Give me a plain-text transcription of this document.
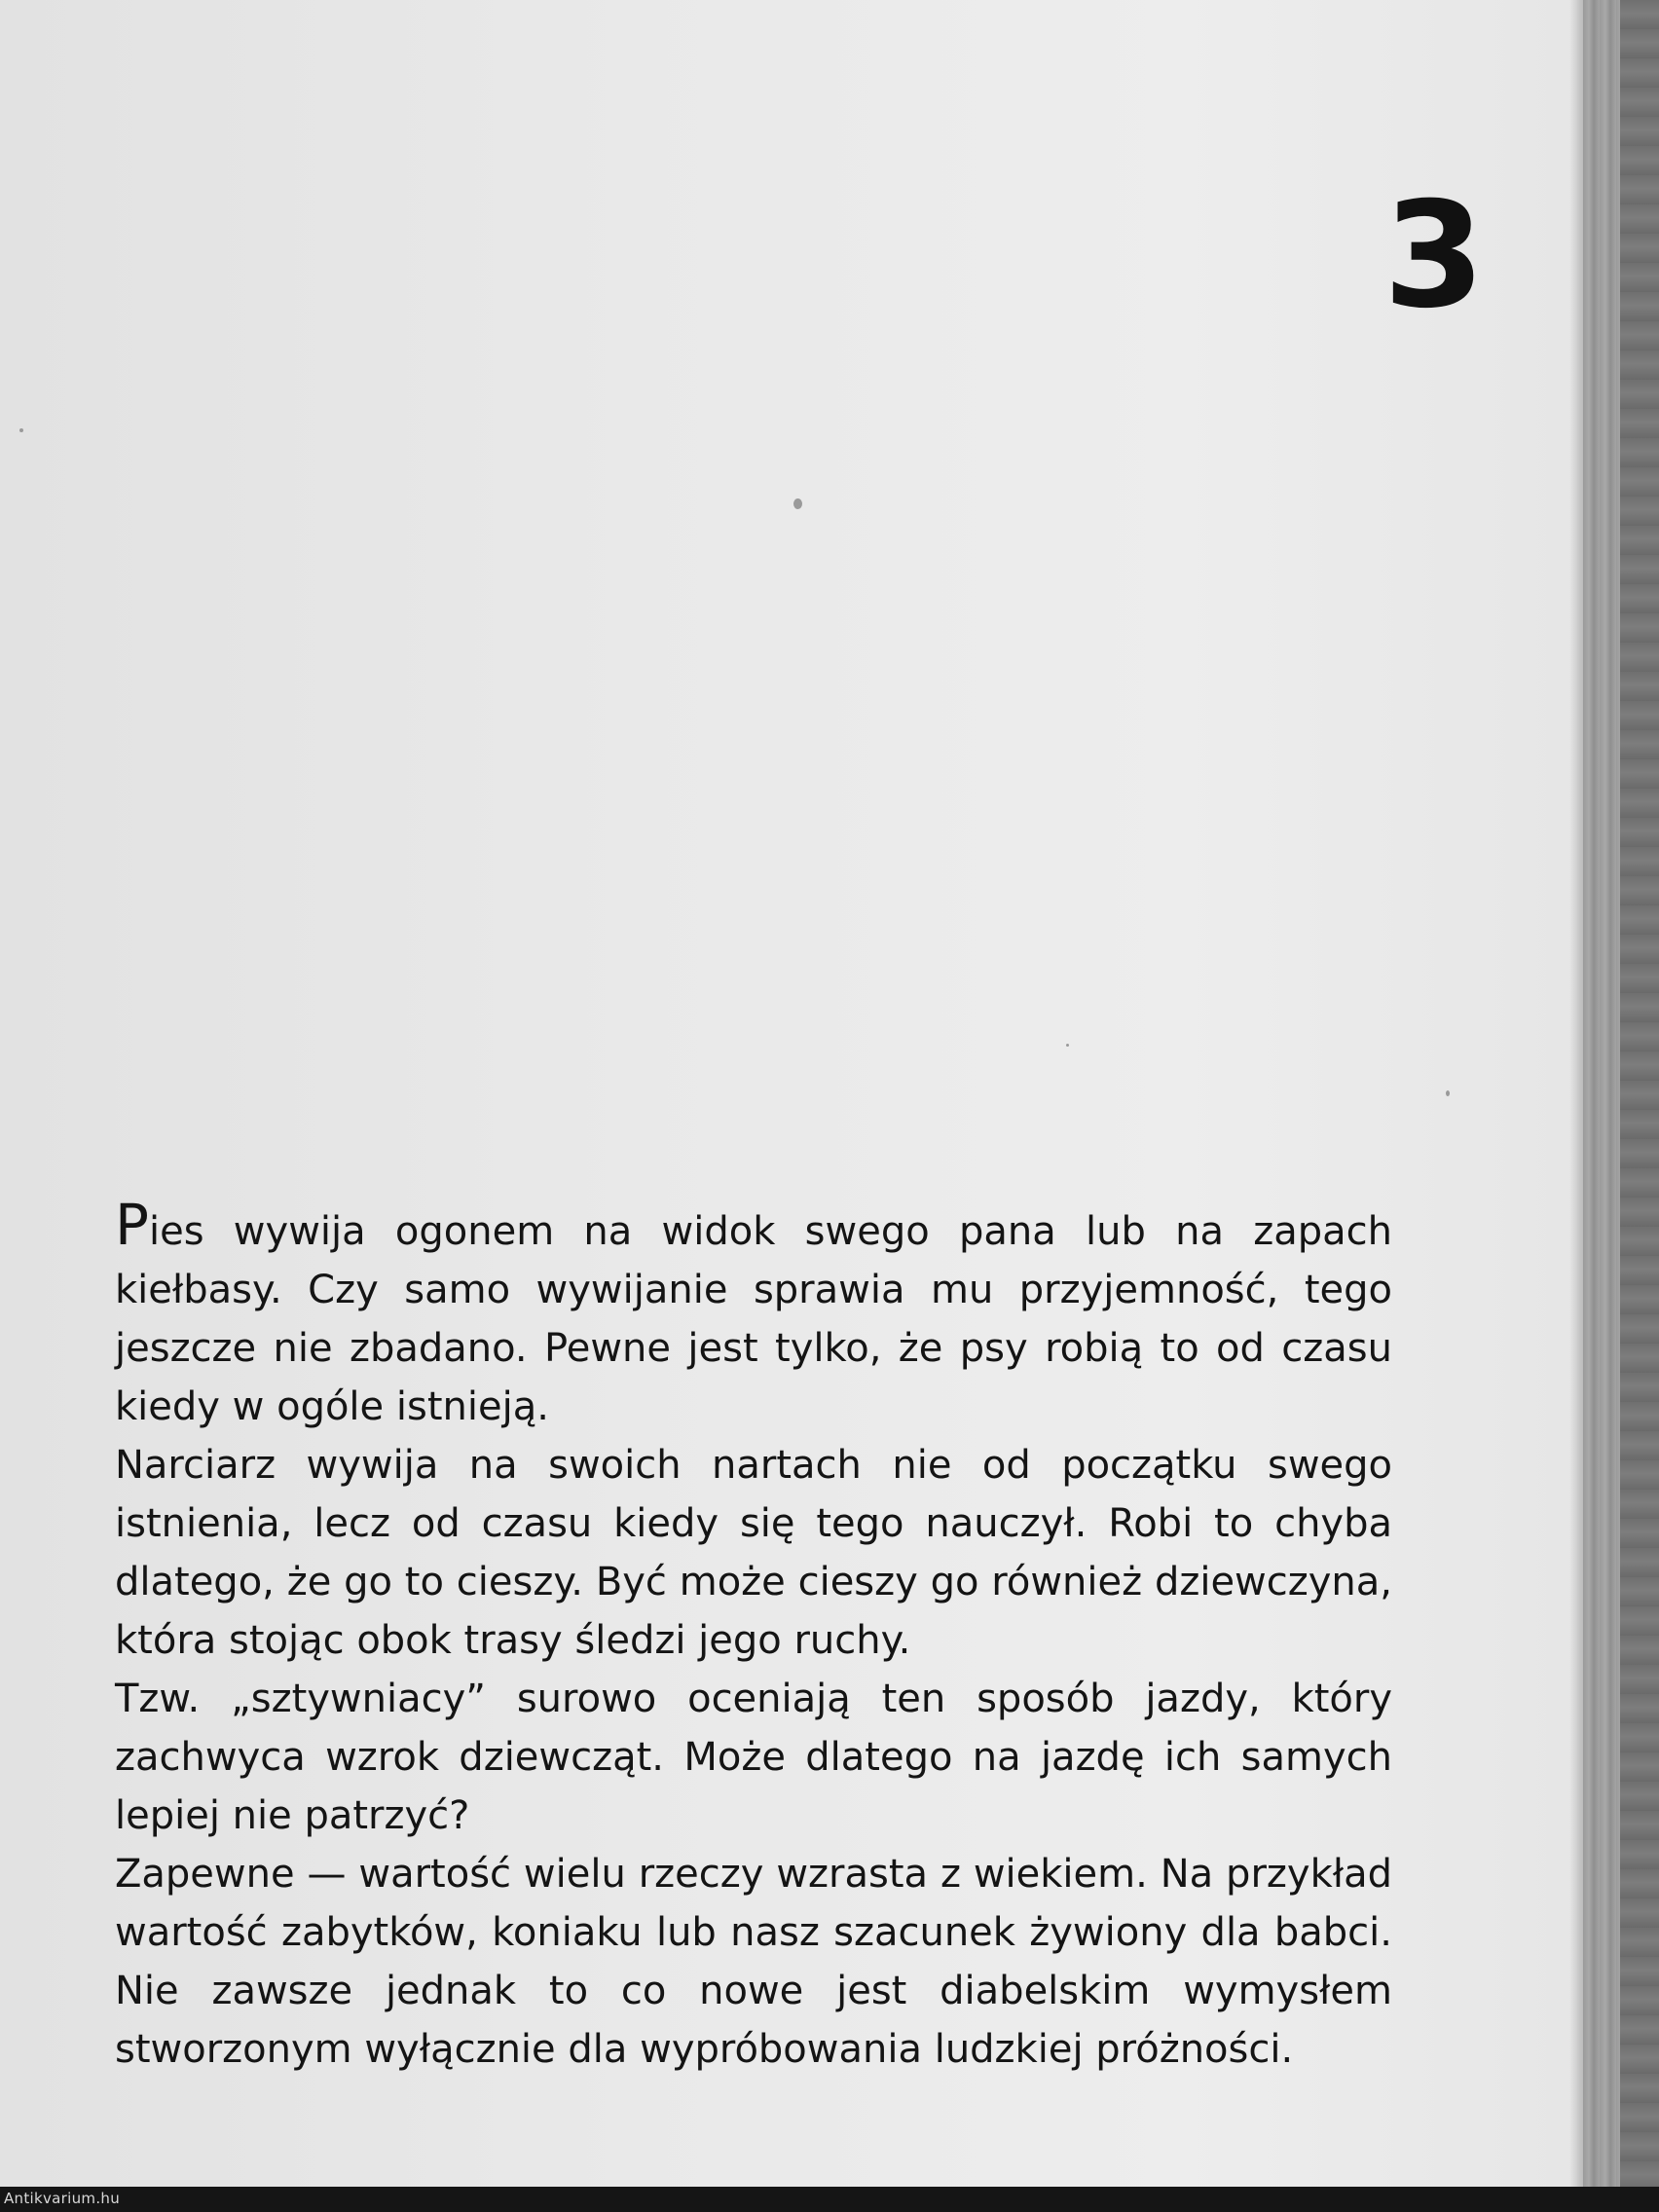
3

Pies wywija ogonem na widok swego pana lub na zapach kiełbasy. Czy samo wywijanie sprawia mu przyjemność, tego jeszcze nie zbadano. Pewne jest tylko, że psy robią to od czasu kiedy w ogóle istnieją.

Narciarz wywija na swoich nartach nie od początku swego istnienia, lecz od czasu kiedy się tego nauczył. Robi to chyba dlatego, że go to cieszy. Być może cieszy go również dziewczyna, która stojąc obok trasy śledzi jego ruchy.

Tzw. „sztywniacy” surowo oceniają ten sposób jazdy, który zachwyca wzrok dziewcząt. Może dlatego na jazdę ich samych lepiej nie patrzyć?

Zapewne — wartość wielu rzeczy wzrasta z wiekiem. Na przykład wartość zabytków, koniaku lub nasz szacunek żywiony dla babci. Nie zawsze jednak to co nowe jest diabelskim wymysłem stworzonym wyłącznie dla wypróbowania ludzkiej próżności.

Antikvarium.hu
